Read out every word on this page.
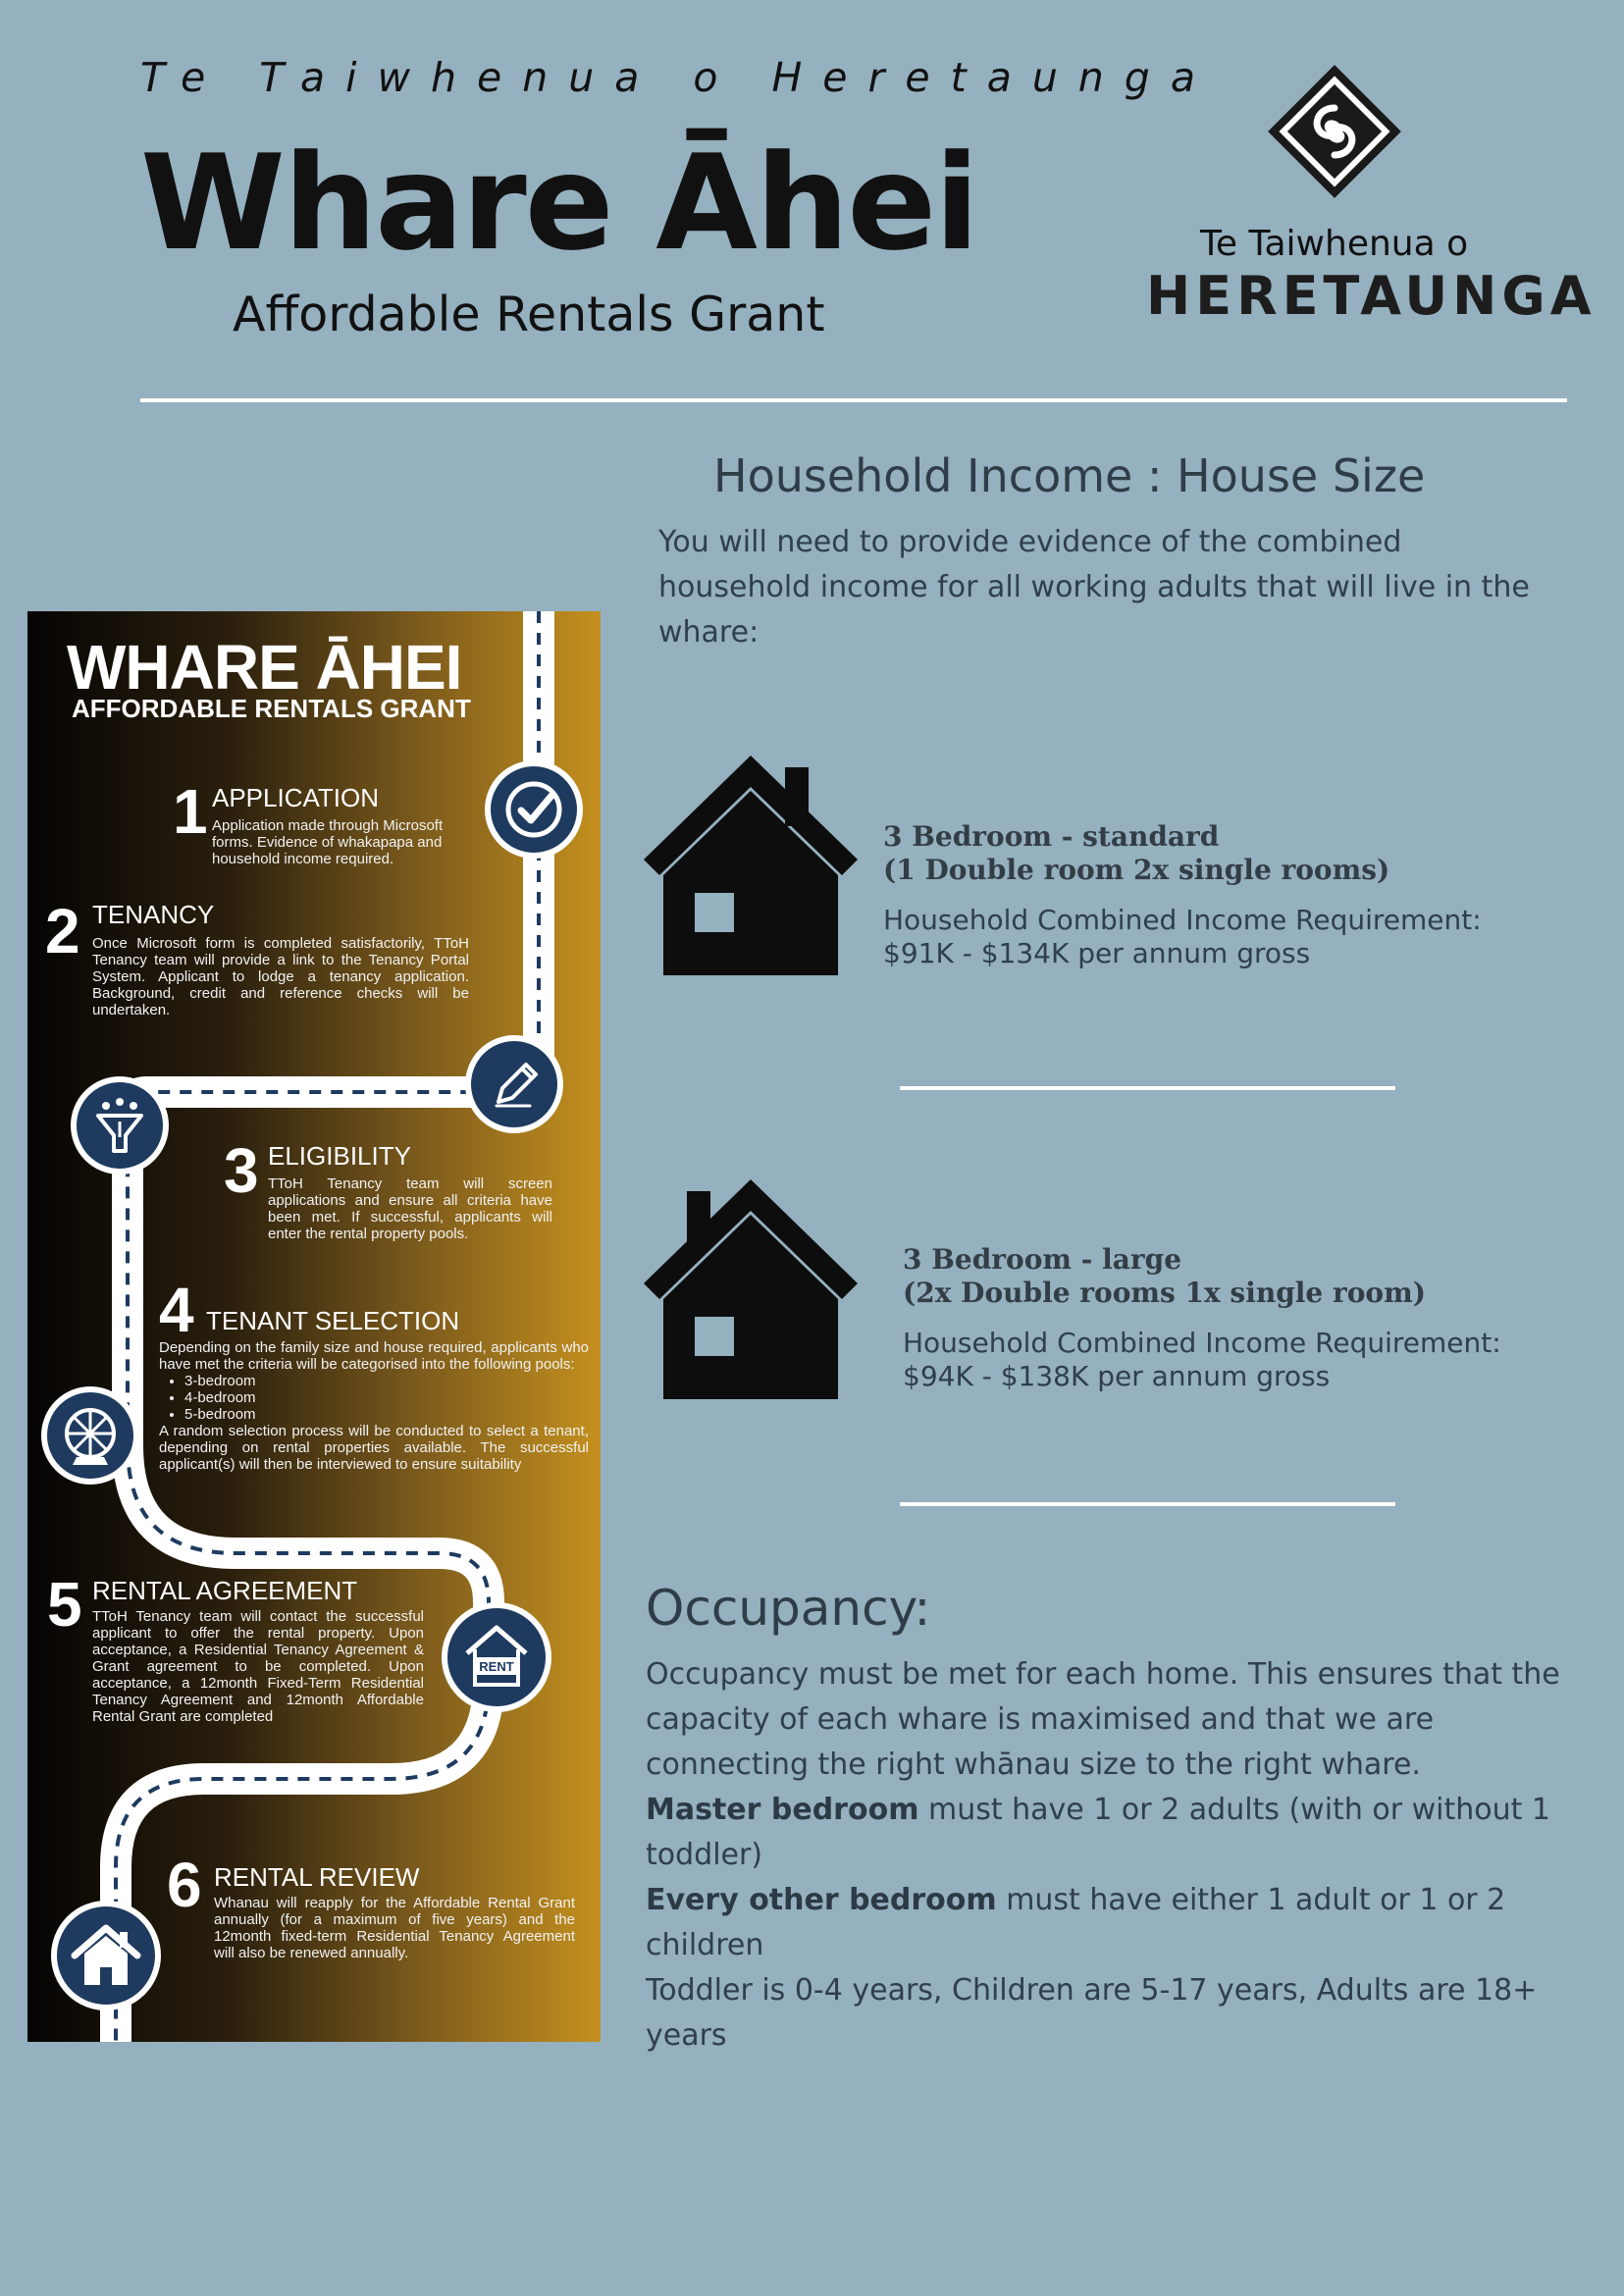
Te Taiwhenua o Heretaunga
Whare Āhei
Affordable Rentals Grant
Te Taiwhenua o
HERETAUNGA
Household Income : House Size
You will need to provide evidence of the combined household income for all working adults that will live in the whare:
3 Bedroom - standard
(1 Double room 2x single rooms)
Household Combined Income Requirement:
$91K - $134K per annum gross
3 Bedroom - large
(2x Double rooms 1x single room)
Household Combined Income Requirement:
$94K - $138K per annum gross
Occupancy:

Occupancy must be met for each home. This ensures that the capacity of each whare is maximised and that we are connecting the right whānau size to the right whare.

Master bedroom must have 1 or 2 adults (with or without 1 toddler)

Every other bedroom must have either 1 adult or 1 or 2 children

Toddler is 0-4 years, Children are 5-17 years, Adults are 18+ years

WHARE ĀHEI
AFFORDABLE RENTALS GRANT
1 APPLICATION
Application made through Microsoft forms. Evidence of whakapapa and household income required.
2 TENANCY
Once Microsoft form is completed satisfactorily, TToH Tenancy team will provide a link to the Tenancy Portal System. Applicant to lodge a tenancy application. Background, credit and reference checks will be undertaken.
3 ELIGIBILITY
TToH Tenancy team will screen applications and ensure all criteria have been met. If successful, applicants will enter the rental property pools.
4 TENANT SELECTION
Depending on the family size and house required, applicants who have met the criteria will be categorised into the following pools:
• 3-bedroom
• 4-bedroom
• 5-bedroom
A random selection process will be conducted to select a tenant, depending on rental properties available. The successful applicant(s) will then be interviewed to ensure suitability
5 RENTAL AGREEMENT
TToH Tenancy team will contact the successful applicant to offer the rental property. Upon acceptance, a Residential Tenancy Agreement & Grant agreement to be completed. Upon acceptance, a 12month Fixed-Term Residential Tenancy Agreement and 12month Affordable Rental Grant are completed
RENT
6 RENTAL REVIEW
Whanau will reapply for the Affordable Rental Grant annually (for a maximum of five years) and the 12month fixed-term Residential Tenancy Agreement will also be renewed annually.
